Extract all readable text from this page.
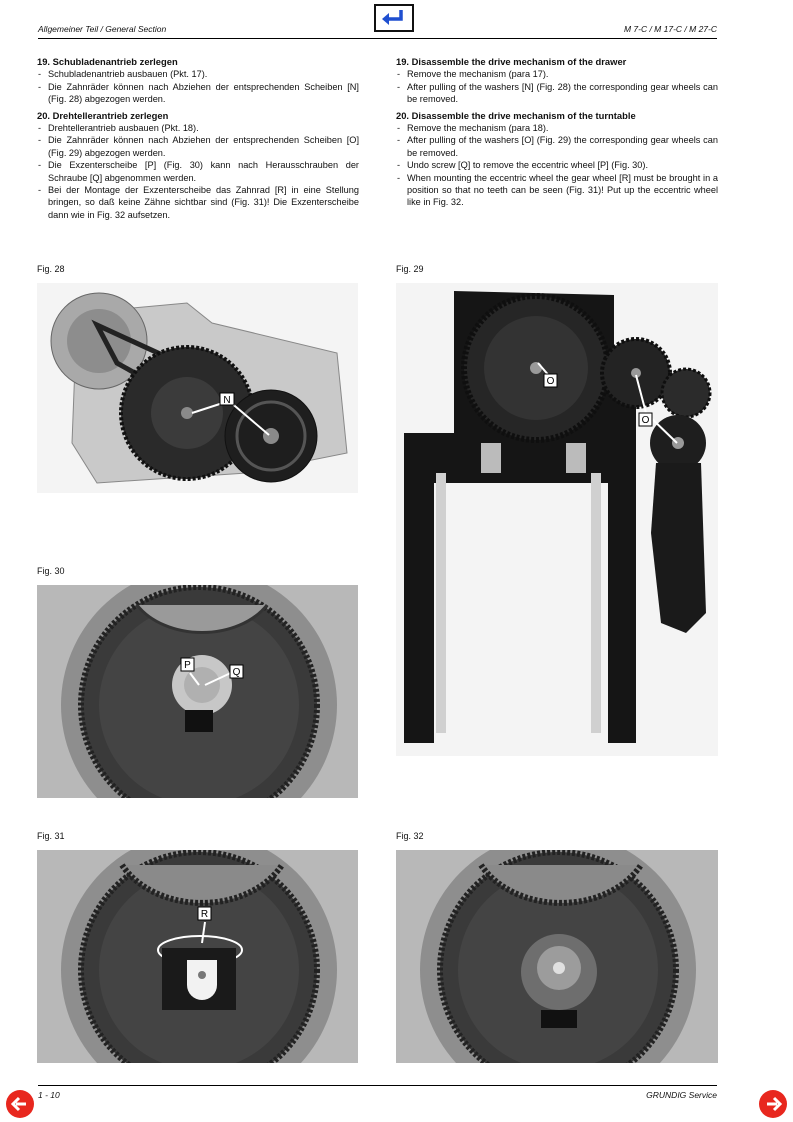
Allgemeiner Teil / General Section	M 7-C / M 17-C / M 27-C
19. Schubladenantrieb zerlegen
- Schubladenantrieb ausbauen (Pkt. 17).
- Die Zahnräder können nach Abziehen der entsprechenden Scheiben [N] (Fig. 28) abgezogen werden.
20. Drehtellerantrieb zerlegen
- Drehtellerantrieb ausbauen (Pkt. 18).
- Die Zahnräder können nach Abziehen der entsprechenden Scheiben [O] (Fig. 29) abgezogen werden.
- Die Exzenterscheibe [P] (Fig. 30) kann nach Herausschrauben der Schraube [Q] abgenommen werden.
- Bei der Montage der Exzenterscheibe das Zahnrad [R] in eine Stellung bringen, so daß keine Zähne sichtbar sind (Fig. 31)! Die Exzenterscheibe dann wie in Fig. 32 aufsetzen.
19. Disassemble the drive mechanism of the drawer
- Remove the mechanism (para 17).
- After pulling of the washers [N] (Fig. 28) the corresponding gear wheels can be removed.
20. Disassemble the drive mechanism of the turntable
- Remove the mechanism (para 18).
- After pulling of the washers [O] (Fig. 29) the corresponding gear wheels can be removed.
- Undo screw [Q] to remove the eccentric wheel [P] (Fig. 30).
- When mounting the eccentric wheel the gear wheel [R] must be brought in a position so that no teeth can be seen (Fig. 31)! Put up the eccentric wheel like in Fig. 32.
Fig. 28
N
Fig. 29
O
O
Fig. 30
P
Q
Fig. 31
R
Fig. 32
1 - 10	GRUNDIG Service
